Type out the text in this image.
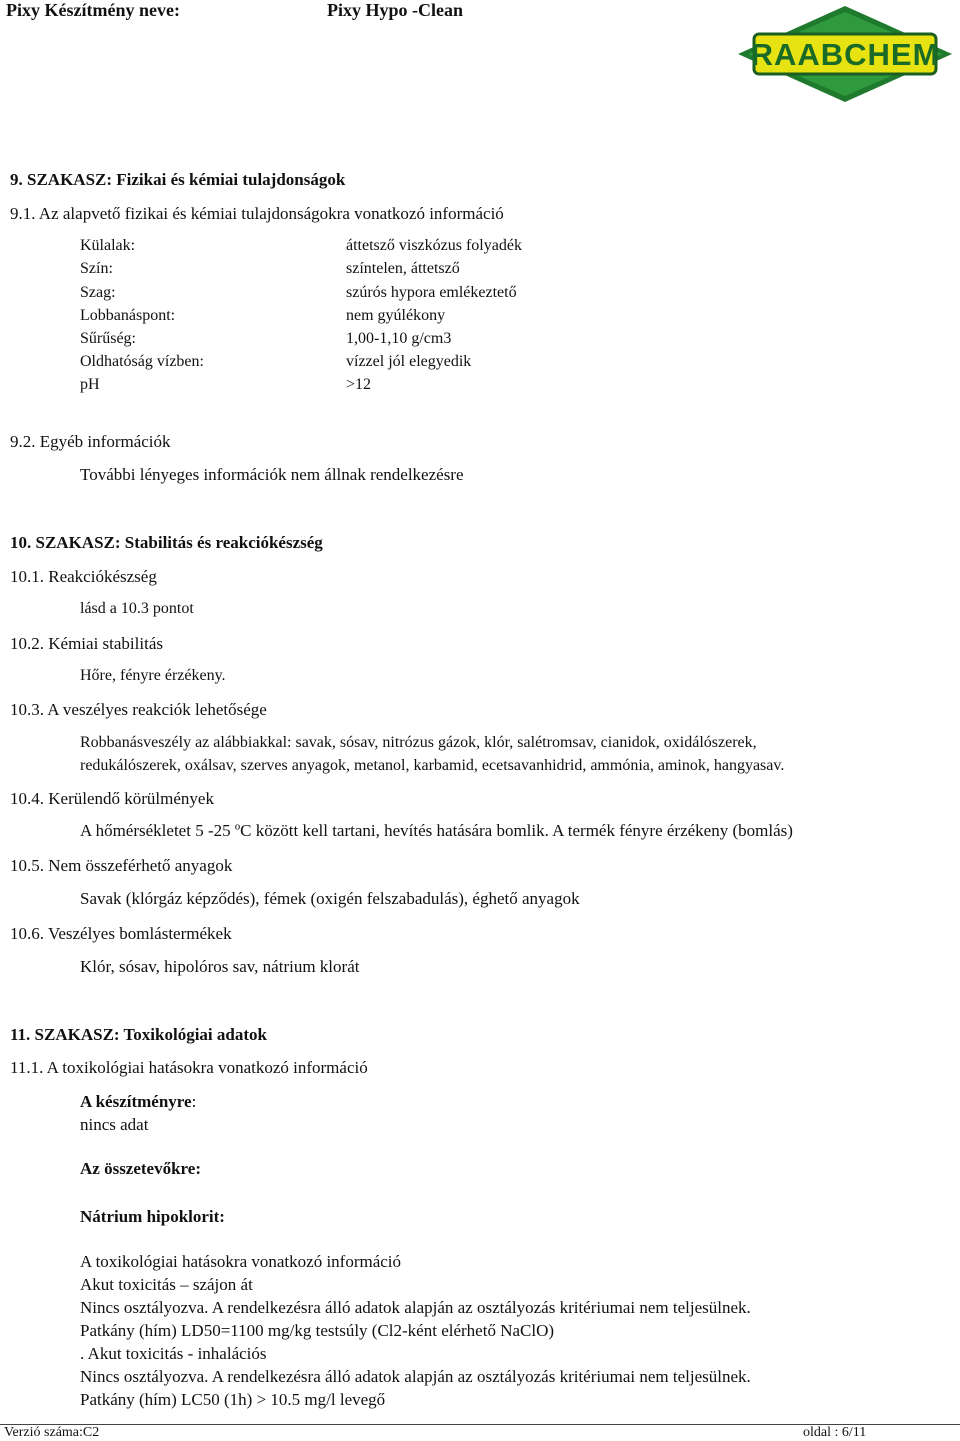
Pixy Készítmény neve:	Pixy Hypo -Clean
RAABCHEM
9. SZAKASZ: Fizikai és kémiai tulajdonságok
9.1. Az alapvető fizikai és kémiai tulajdonságokra vonatkozó információ
Külalak:	áttetsző viszkózus folyadék
Szín:	színtelen, áttetsző
Szag:	szúrós hypora emlékeztető
Lobbanáspont:	nem gyúlékony
Sűrűség:	1,00-1,10 g/cm3
Oldhatóság vízben:	vízzel jól elegyedik
pH	>12
9.2. Egyéb információk
További lényeges információk nem állnak rendelkezésre
10. SZAKASZ: Stabilitás és reakciókészség
10.1. Reakciókészség
lásd a 10.3 pontot
10.2. Kémiai stabilitás
Hőre, fényre érzékeny.
10.3. A veszélyes reakciók lehetősége
Robbanásveszély az alábbiakkal: savak, sósav, nitrózus gázok, klór, salétromsav, cianidok, oxidálószerek,
redukálószerek, oxálsav, szerves anyagok, metanol, karbamid, ecetsavanhidrid, ammónia, aminok, hangyasav.
10.4. Kerülendő körülmények
A hőmérsékletet 5 -25 ºC között kell tartani, hevítés hatására bomlik. A termék fényre érzékeny (bomlás)
10.5. Nem összeférhető anyagok
Savak (klórgáz képződés), fémek (oxigén felszabadulás), éghető anyagok
10.6. Veszélyes bomlástermékek
Klór, sósav, hipolóros sav, nátrium klorát
11. SZAKASZ: Toxikológiai adatok
11.1. A toxikológiai hatásokra vonatkozó információ
A készítményre:
nincs adat
Az összetevőkre:
Nátrium hipoklorit:
A toxikológiai hatásokra vonatkozó információ
Akut toxicitás – szájon át
Nincs osztályozva. A rendelkezésra álló adatok alapján az osztályozás kritériumai nem teljesülnek.
Patkány (hím) LD50=1100 mg/kg testsúly (Cl2-ként elérhető NaClO)
. Akut toxicitás - inhalációs
Nincs osztályozva. A rendelkezésra álló adatok alapján az osztályozás kritériumai nem teljesülnek.
Patkány (hím) LC50 (1h) > 10.5 mg/l levegő
Verzió száma:C2	oldal : 6/11
